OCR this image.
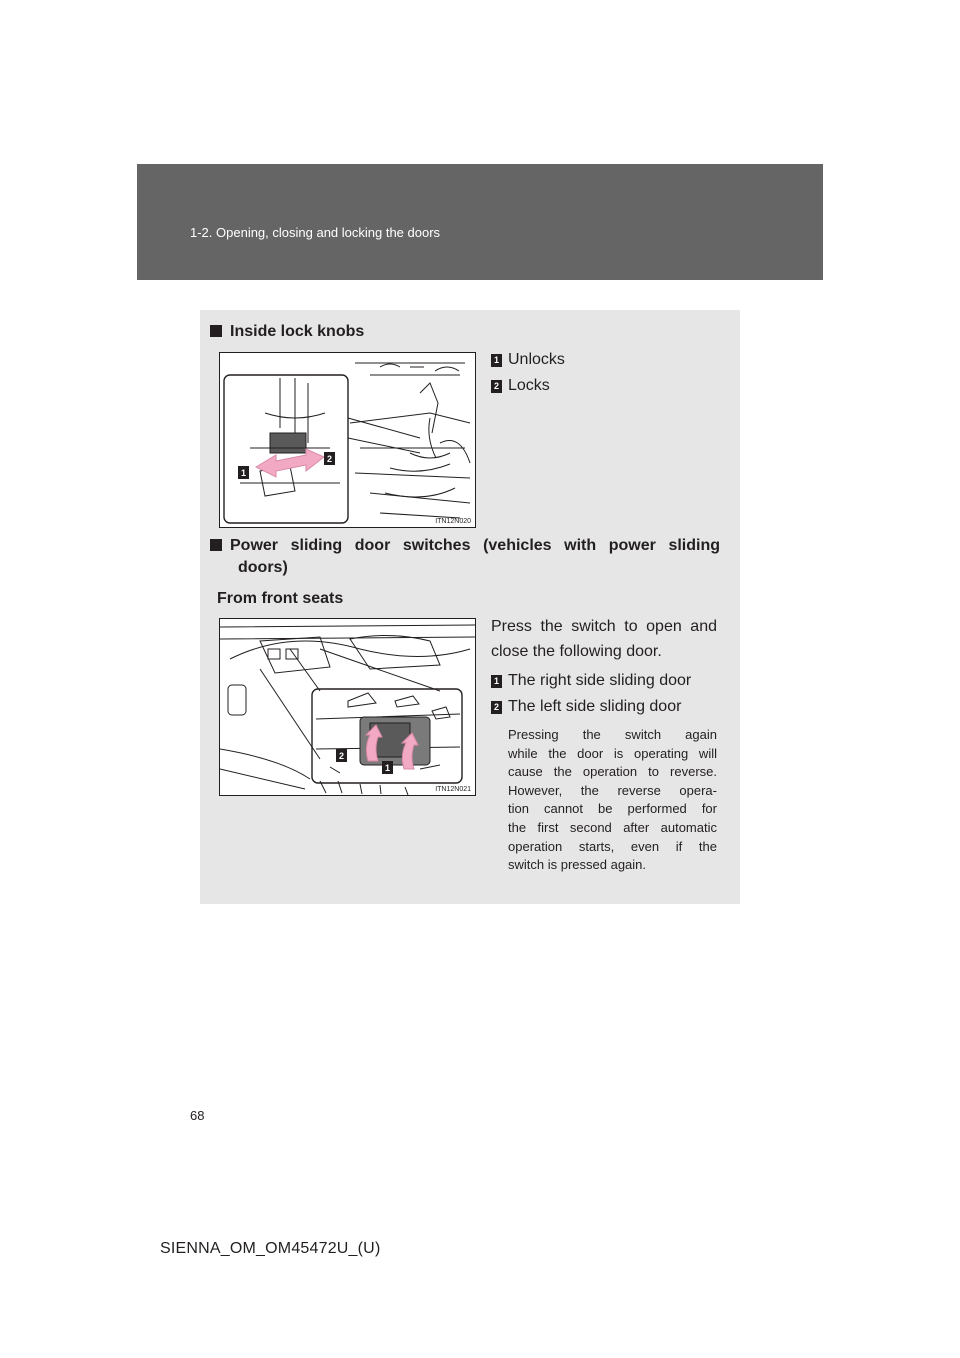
1-2. Opening, closing and locking the doors
Inside lock knobs
1
2
ITN12N020
1 Unlocks
2 Locks
Power sliding door switches (vehicles with power sliding
doors)
From front seats
2
1
ITN12N021
Press the switch to open and
close the following door.
1 The right side sliding door
2 The left side sliding door
Pressing the switch again
while the door is operating will
cause the operation to reverse.
However, the reverse opera-
tion cannot be performed for
the first second after automatic
operation starts, even if the
switch is pressed again.
68
SIENNA_OM_OM45472U_(U)
